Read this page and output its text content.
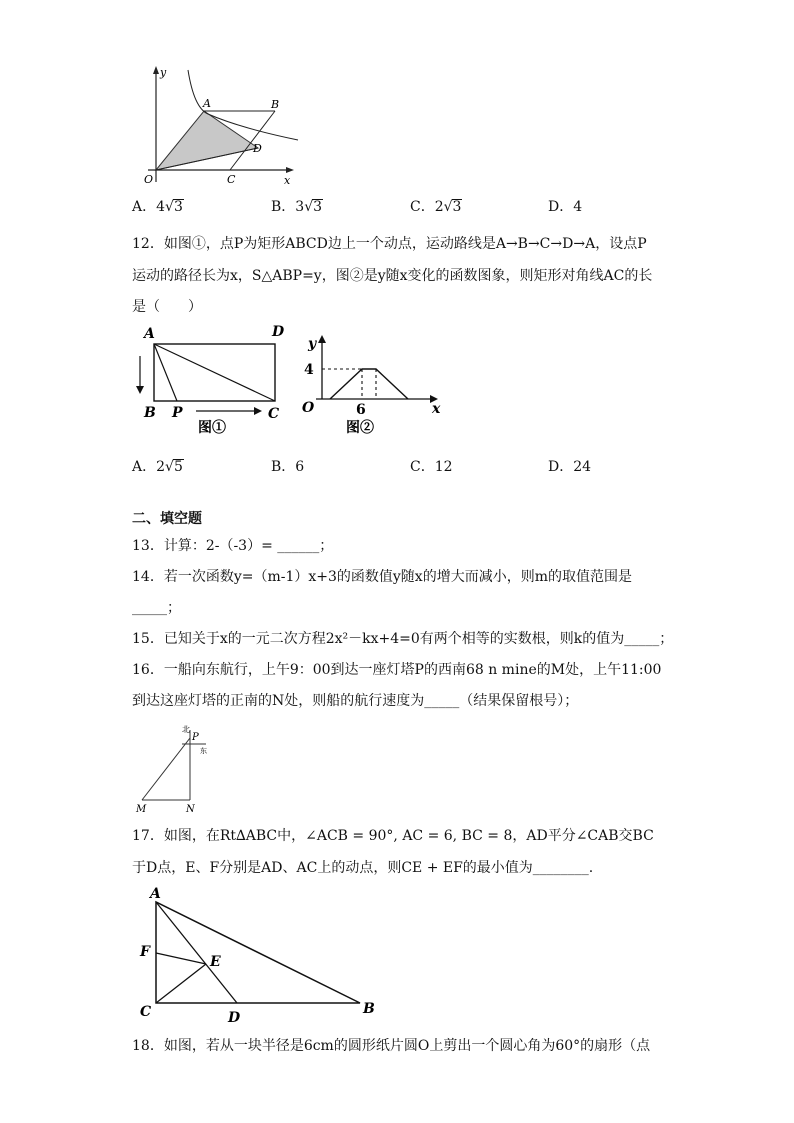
y
x
O
A	B
C
D
A．4√3	B．3√3	C．2√3	D．4
12．如图①，点P为矩形ABCD边上一个动点，运动路线是A→B→C→D→A，设点P
运动的路径长为x，S△ABP=y，图②是y随x变化的函数图象，则矩形对角线AC的长
是（　　）
A	D
B P	C
图①
y
4
O	6	x
图②
A．2√5	B．6	C．12	D．24
二、填空题
13．计算：2-（-3）= ______；
14．若一次函数y=（m-1）x+3的函数值y随x的增大而减小，则m的取值范围是
_____；
15．已知关于x的一元二次方程2x²－kx+4=0有两个相等的实数根，则k的值为_____；
16．一船向东航行，上午9：00到达一座灯塔P的西南68 n mine的M处，上午11:00
到达这座灯塔的正南的N处，则船的航行速度为_____（结果保留根号）；
北
P
东
M	N
17．如图，在Rt∆ABC中，∠ACB = 90°, AC = 6, BC = 8，AD平分∠CAB交BC
于D点，E、F分别是AD、AC上的动点，则CE + EF的最小值为________.
A
F
E
C	D
B
18．如图，若从一块半径是6cm的圆形纸片圆O上剪出一个圆心角为60°的扇形（点
